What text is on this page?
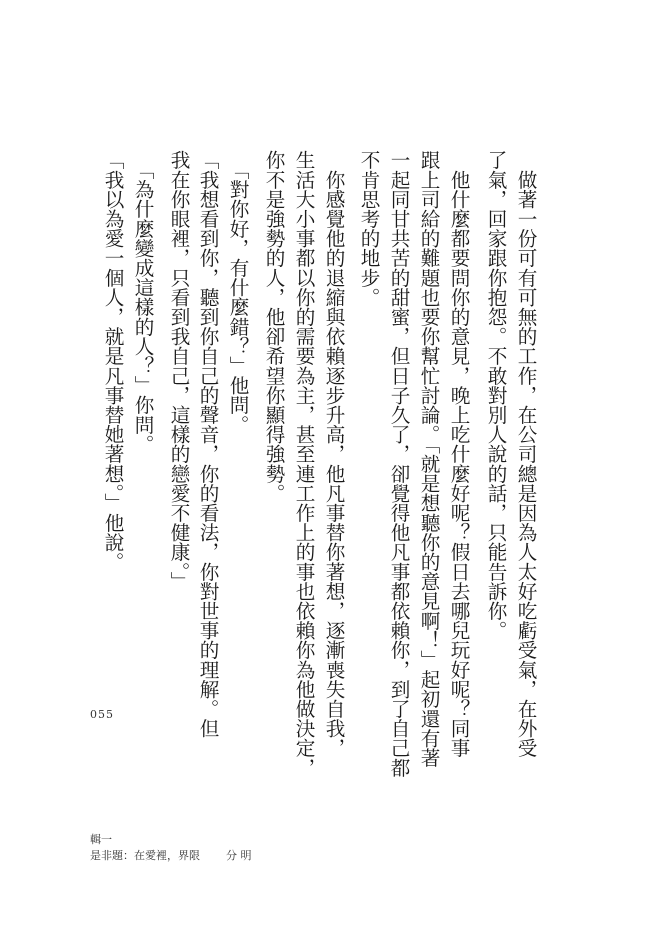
　做著一份可有可無的工作，在公司總是因為人太好吃虧受氣，在外受
了氣，回家跟你抱怨。不敢對別人說的話，只能告訴你。
　他什麼都要問你的意見，晚上吃什麼好呢？假日去哪兒玩好呢？同事
跟上司給的難題也要你幫忙討論。「就是想聽你的意見啊！」起初還有著
一起同甘共苦的甜蜜，但日子久了，卻覺得他凡事都依賴你，到了自己都
不肯思考的地步。
　你感覺他的退縮與依賴逐步升高，他凡事替你著想，逐漸喪失自我，
生活大小事都以你的需要為主，甚至連工作上的事也依賴你為他做決定，
你不是強勢的人，他卻希望你顯得強勢。
　「對你好，有什麼錯？」他問。
「我想看到你，聽到你自己的聲音，你的看法，你對世事的理解。但
我在你眼裡，只看到我自己，這樣的戀愛不健康。」
　「為什麼變成這樣的人？」你問。
「我以為愛一個人，就是凡事替她著想。」他說。
055
輯一
是非題：在愛裡，界限 分 明
